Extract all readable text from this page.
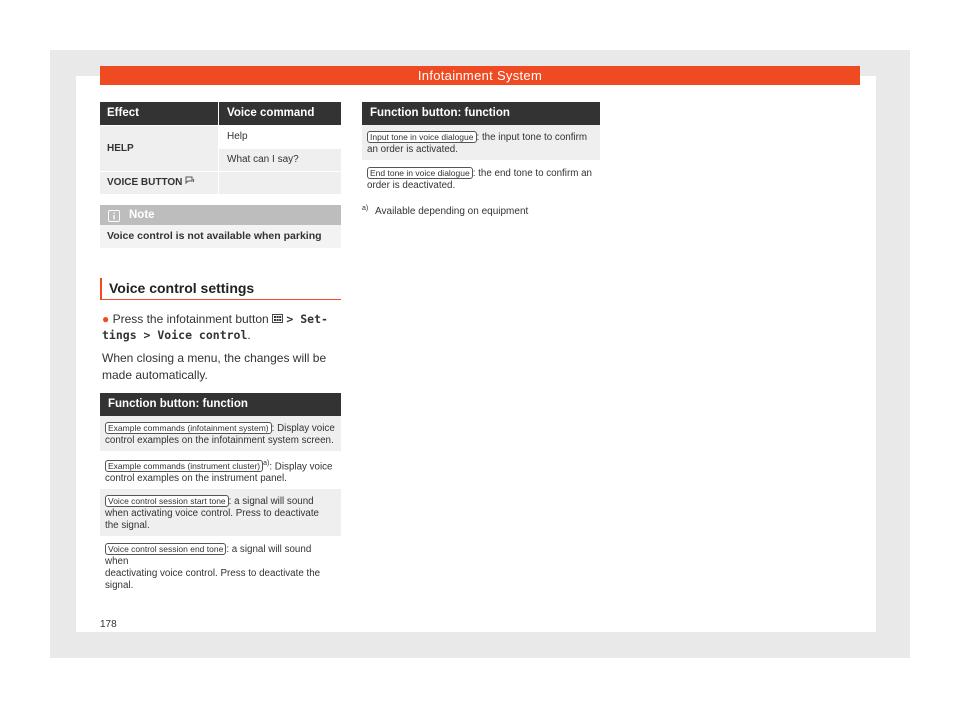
Infotainment System
Effect	Voice command
HELP
Help
What can I say?
VOICE BUTTON
Note
Voice control is not available when parking
Voice control settings
● Press the infotainment button > Set-
tings > Voice control.
When closing a menu, the changes will be
made automatically.
Function button: function
Example commands (infotainment system) : Display voice
control examples on the infotainment system screen.
Example commands (instrument cluster) $^{a)}$: Display voice
control examples on the instrument panel.
Voice control session start tone : a signal will sound
when activating voice control. Press to deactivate
the signal.
Voice control session end tone : a signal will sound when
deactivating voice control. Press to deactivate the
signal.
Function button: function
Input tone in voice dialogue : the input tone to confirm
an order is activated.
End tone in voice dialogue : the end tone to confirm an
order is deactivated.
$^{a)}$ Available depending on equipment
178
